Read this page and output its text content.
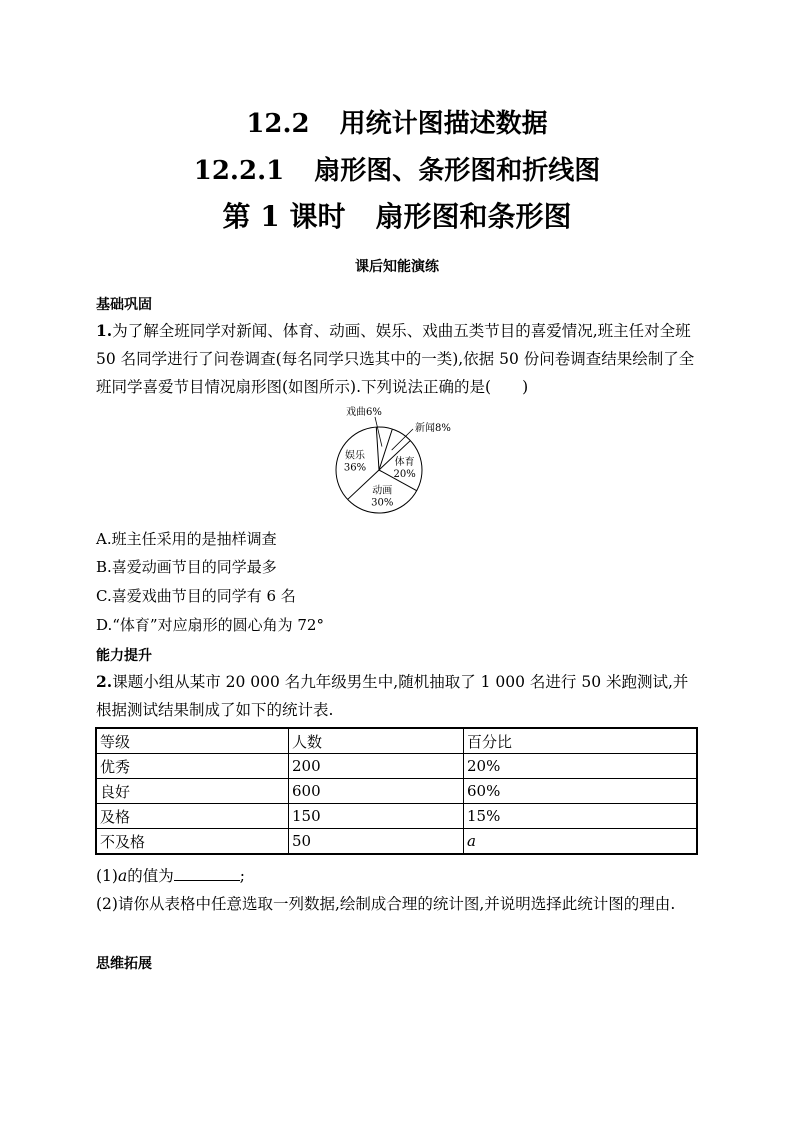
12.2 用统计图描述数据
12.2.1 扇形图、条形图和折线图
第 1 课时 扇形图和条形图
课后知能演练
基础巩固
1.为了解全班同学对新闻、体育、动画、娱乐、戏曲五类节目的喜爱情况,班主任对全班 50 名同学进行了问卷调查(每名同学只选其中的一类),依据 50 份问卷调查结果绘制了全班同学喜爱节目情况扇形图(如图所示).下列说法正确的是(　　)
新闻8%
体育
20%
动画
30%
娱乐
36%
戏曲6%
A.班主任采用的是抽样调查
B.喜爱动画节目的同学最多
C.喜爱戏曲节目的同学有 6 名
D.“体育”对应扇形的圆心角为 72°
能力提升
2.课题小组从某市 20 000 名九年级男生中,随机抽取了 1 000 名进行 50 米跑测试,并根据测试结果制成了如下的统计表.
等级	人数	百分比
优秀	200	20%
良好	600	60%
及格	150	15%
不及格	50	a
(1)a的值为	;
(2)请你从表格中任意选取一列数据,绘制成合理的统计图,并说明选择此统计图的理由.
思维拓展
